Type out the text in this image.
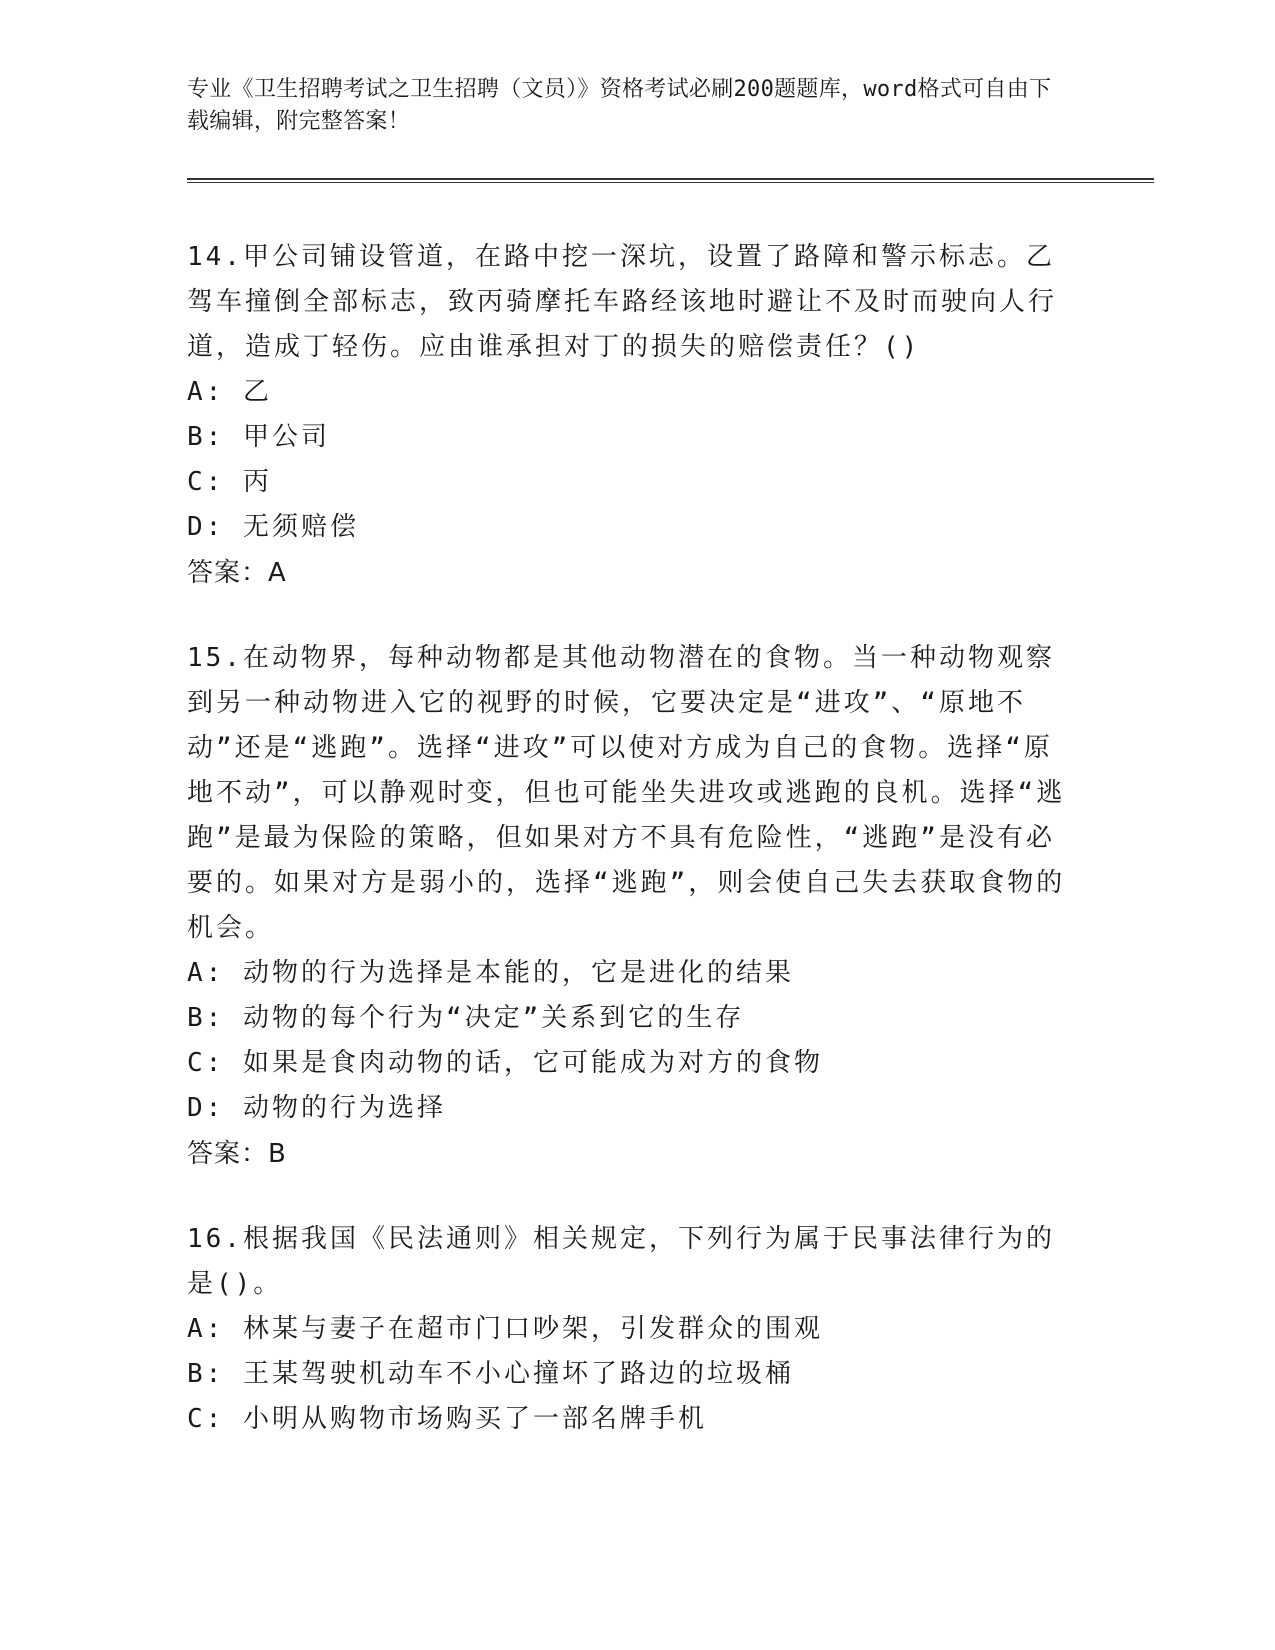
专业《卫生招聘考试之卫生招聘（文员）》资格考试必刷200题题库，word格式可自由下载编辑，附完整答案！

14.甲公司铺设管道，在路中挖一深坑，设置了路障和警示标志。乙驾车撞倒全部标志，致丙骑摩托车路经该地时避让不及时而驶向人行道，造成丁轻伤。应由谁承担对丁的损失的赔偿责任？()

A: 乙

B: 甲公司

C: 丙

D: 无须赔偿

答案：A

15.在动物界，每种动物都是其他动物潜在的食物。当一种动物观察到另一种动物进入它的视野的时候，它要决定是“进攻”、“原地不动”还是“逃跑”。选择“进攻”可以使对方成为自己的食物。选择“原地不动”，可以静观时变，但也可能坐失进攻或逃跑的良机。选择“逃跑”是最为保险的策略，但如果对方不具有危险性，“逃跑”是没有必要的。如果对方是弱小的，选择“逃跑”，则会使自己失去获取食物的机会。

A: 动物的行为选择是本能的，它是进化的结果

B: 动物的每个行为“决定”关系到它的生存

C: 如果是食肉动物的话，它可能成为对方的食物

D: 动物的行为选择

答案：B

16.根据我国《民法通则》相关规定，下列行为属于民事法律行为的是()。

A: 林某与妻子在超市门口吵架，引发群众的围观

B: 王某驾驶机动车不小心撞坏了路边的垃圾桶

C: 小明从购物市场购买了一部名牌手机
